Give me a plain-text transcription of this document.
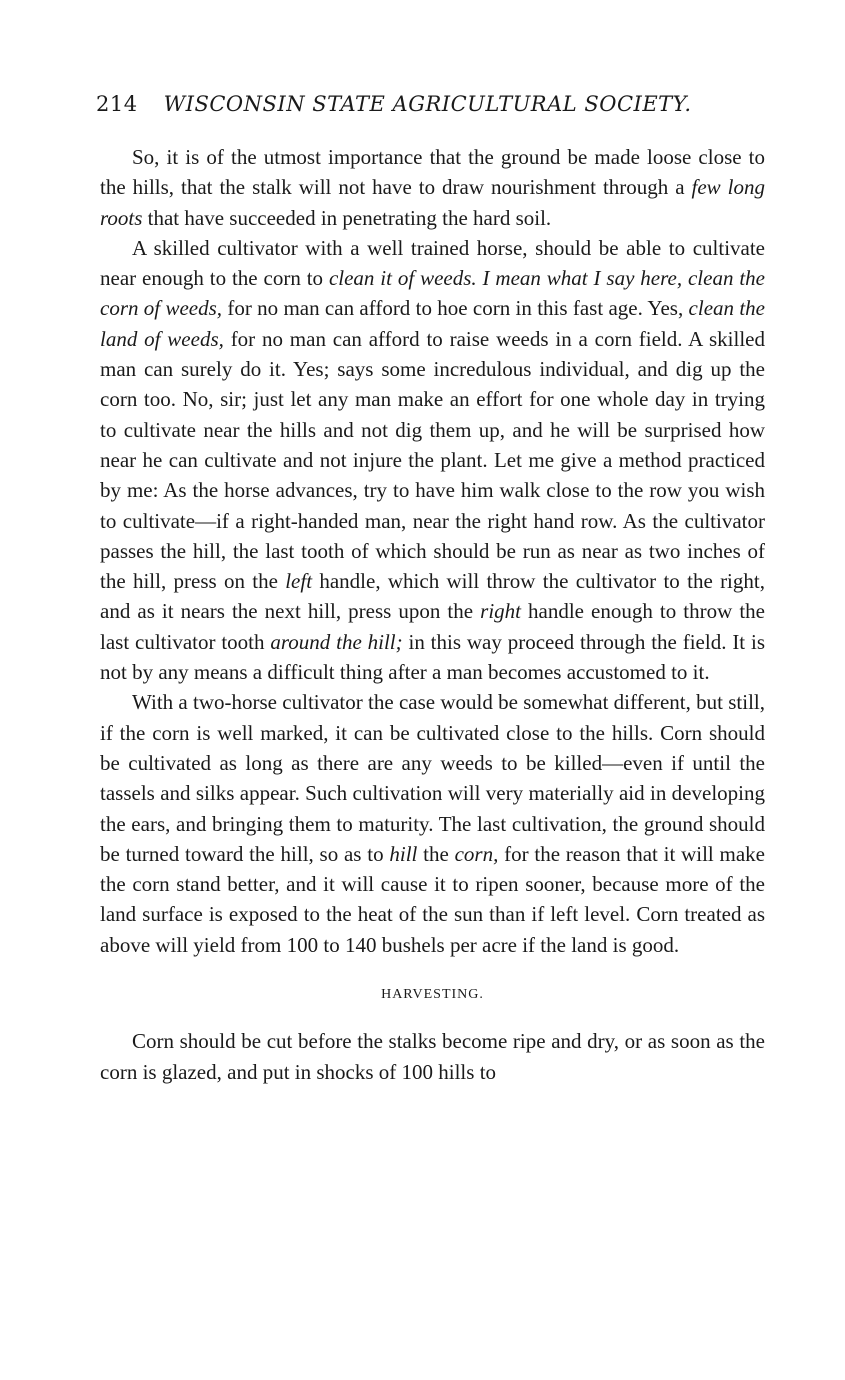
214 WISCONSIN STATE AGRICULTURAL SOCIETY.

So, it is of the utmost importance that the ground be made loose close to the hills, that the stalk will not have to draw nourishment through a few long roots that have succeeded in penetrating the hard soil.

A skilled cultivator with a well trained horse, should be able to cultivate near enough to the corn to clean it of weeds. I mean what I say here, clean the corn of weeds, for no man can afford to hoe corn in this fast age. Yes, clean the land of weeds, for no man can afford to raise weeds in a corn field. A skilled man can surely do it. Yes; says some incredulous individual, and dig up the corn too. No, sir; just let any man make an effort for one whole day in trying to cultivate near the hills and not dig them up, and he will be surprised how near he can cultivate and not injure the plant. Let me give a method practiced by me: As the horse advances, try to have him walk close to the row you wish to cultivate—if a right-handed man, near the right hand row. As the cultivator passes the hill, the last tooth of which should be run as near as two inches of the hill, press on the left handle, which will throw the cultivator to the right, and as it nears the next hill, press upon the right handle enough to throw the last cultivator tooth around the hill; in this way proceed through the field. It is not by any means a difficult thing after a man becomes accustomed to it.

With a two-horse cultivator the case would be somewhat different, but still, if the corn is well marked, it can be cultivated close to the hills. Corn should be cultivated as long as there are any weeds to be killed—even if until the tassels and silks appear. Such cultivation will very materially aid in developing the ears, and bringing them to maturity. The last cultivation, the ground should be turned toward the hill, so as to hill the corn, for the reason that it will make the corn stand better, and it will cause it to ripen sooner, because more of the land surface is exposed to the heat of the sun than if left level. Corn treated as above will yield from 100 to 140 bushels per acre if the land is good.

HARVESTING.

Corn should be cut before the stalks become ripe and dry, or as soon as the corn is glazed, and put in shocks of 100 hills to
